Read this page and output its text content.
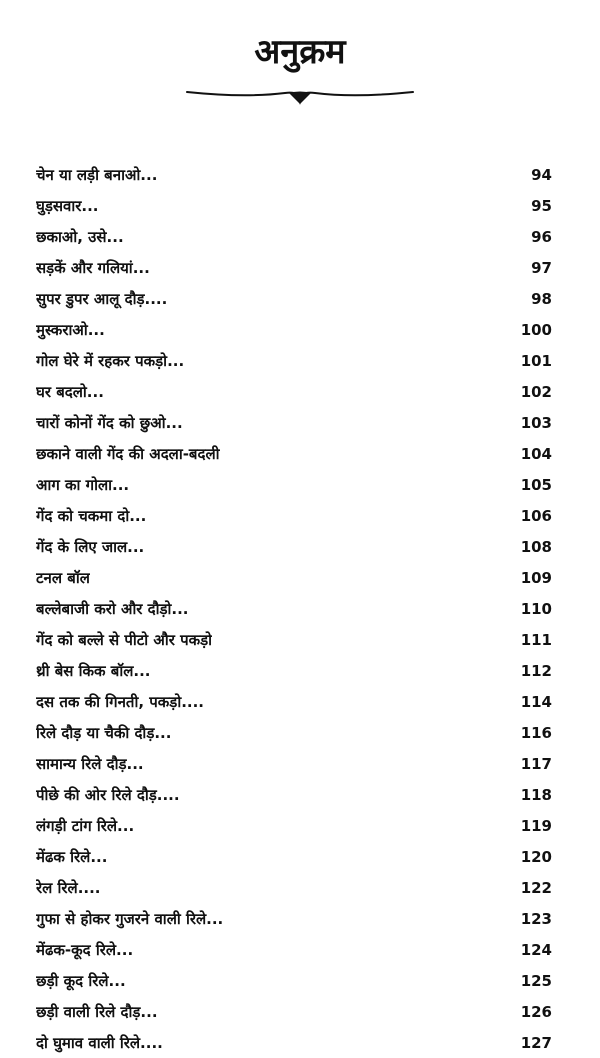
अनुक्रम
चेन या लड़ी बनाओ...	94
घुड़सवार...	95
छकाओ, उसे...	96
सड़कें और गलियां...	97
सुपर डुपर आलू दौड़....	98
मुस्कराओ...	100
गोल घेरे में रहकर पकड़ो...	101
घर बदलो...	102
चारों कोनों गेंद को छुओ...	103
छकाने वाली गेंद की अदला-बदली	104
आग का गोला...	105
गेंद को चकमा दो...	106
गेंद के लिए जाल...	108
टनल बॉल	109
बल्लेबाजी करो और दौड़ो...	110
गेंद को बल्ले से पीटो और पकड़ो	111
थ्री बेस किक बॉल...	112
दस तक की गिनती, पकड़ो....	114
रिले दौड़ या चैकी दौड़...	116
सामान्य रिले दौड़...	117
पीछे की ओर रिले दौड़....	118
लंगड़ी टांग रिले...	119
मेंढक रिले...	120
रेल रिले....	122
गुफा से होकर गुजरने वाली रिले...	123
मेंढक-कूद रिले...	124
छड़ी कूद रिले...	125
छड़ी वाली रिले दौड़...	126
दो घुमाव वाली रिले....	127
